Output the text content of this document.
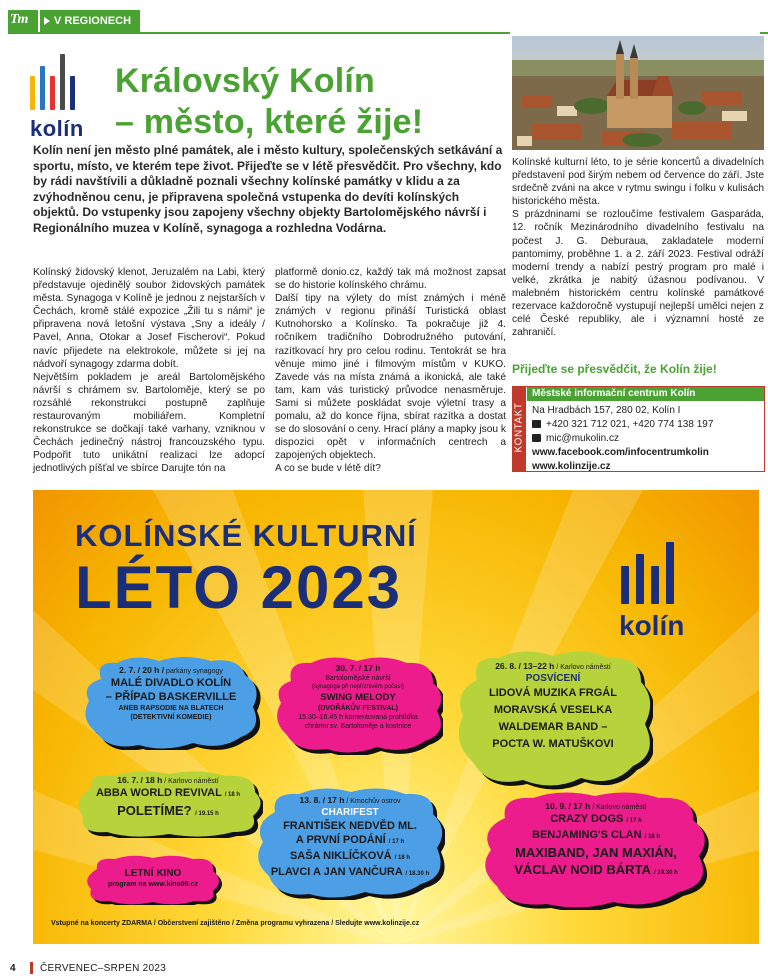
Tm	V REGIONECH
kolín
Královský Kolín
– město, které žije!
Kolín není jen město plné památek, ale i město kultury, společenských setkávání a sportu, místo, ve kterém tepe život. Přijeďte se v létě přesvědčit. Pro všechny, kdo by rádi navštívili a důkladně poznali všechny kolínské památky v klidu a za zvýhodněnou cenu, je připravena společná vstupenka do devíti kolínských objektů. Do vstupenky jsou zapojeny všechny objekty Bartolomějského návrší i Regionálního muzea v Kolíně, synagoga a rozhledna Vodárna.

Kolínský židovský klenot, Jeruzalém na Labi, který představuje ojedinělý soubor židovských památek města. Synagoga v Kolíně je jednou z nejstarších v Čechách, kromě stálé expozice „Žili tu s námi“ je připravena nová letošní výstava „Sny a ideály / Pavel, Anna, Otokar a Josef Fischerovi“. Pokud navíc přijedete na elektrokole, můžete si jej na nádvoří synagogy zdarma dobít.

Největším pokladem je areál Bartolomějského návrší s chrámem sv. Bartoloměje, který se po rozsáhlé rekonstrukci postupně zaplňuje restaurovaným mobiliářem. Kompletní rekonstrukce se dočkají také varhany, vzniknou v Čechách jedinečný nástroj francouzského typu. Podpořit tuto unikátní realizaci lze adopcí jednotlivých píšťal ve sbírce Darujte tón na

platformě donio.cz, každý tak má možnost zapsat se do historie kolínského chrámu.

Další tipy na výlety do míst známých i méně známých v regionu přináší Turistická oblast Kutnohorsko a Kolínsko. Ta pokračuje již 4. ročníkem tradičního Dobrodružného putování, razítkovací hry pro celou rodinu. Tentokrát se hra věnuje mimo jiné i filmovým místům v KUKO. Zavede vás na místa známá a ikonická, ale také tam, kam vás turistický průvodce nenasměruje. Sami si můžete poskládat svoje výletní trasy a pomalu, až do konce října, sbírat razítka a dostat se do slosování o ceny. Hrací plány a mapky jsou k dispozici opět v informačních centrech a zapojených objektech.

A co se bude v létě dít?

Kolínské kulturní léto, to je série koncertů a divadelních představení pod širým nebem od července do září. Jste srdečně zváni na akce v rytmu swingu i folku v kulisách historického města.

S prázdninami se rozloučíme festivalem Gasparáda, 12. ročník Mezinárodního divadelního festivalu na počest J. G. Deburaua, zakladatele moderní pantomimy, proběhne 1. a 2. září 2023. Festival odráží moderní trendy a nabízí pestrý program pro malé i velké, zkrátka je nabitý úžasnou podívanou. V malebném historickém centru kolínské památkové rezervace každoročně vystupují nejlepší umělci nejen z celé České republiky, ale i významní hosté ze zahraničí.

Přijeďte se přesvědčit, že Kolín žije!
KONTAKT
Městské informační centrum Kolín
Na Hradbách 157, 280 02, Kolín I
+420 321 712 021, +420 774 138 197
mic@mukolin.cz
www.facebook.com/infocentrumkolin
www.kolinzije.cz
KOLÍNSKÉ KULTURNÍ
LÉTO 2023
kolín
2. 7. / 20 h / parkány synagogy
MALÉ DIVADLO KOLÍN
– PŘÍPAD BASKERVILLE
ANEB RAPSODIE NA BLATECH
(DETEKTIVNÍ KOMEDIE)
30. 7. / 17 h
Bartolomějské návrší
(synagoga při nepříznivém počasí)
SWING MELODY
(DVOŘÁKŮV FESTIVAL)
15.30–16.45 h komentovaná prohlídka
chrámu sv. Bartoloměje a kostnice
26. 8. / 13–22 h / Karlovo náměstí
POSVÍCENÍ
LIDOVÁ MUZIKA FRGÁL
MORAVSKÁ VESELKA
WALDEMAR BAND –
POCTA W. MATUŠKOVI
16. 7. / 18 h / Karlovo náměstí
ABBA WORLD REVIVAL / 18 h
POLETÍME? / 19.15 h
13. 8. / 17 h / Kmochův ostrov
CHARIFEST
FRANTIŠEK NEDVĚD ML.
A PRVNÍ PODÁNÍ / 17 h
SAŠA NIKLÍČKOVÁ / 18 h
PLAVCI A JAN VANČURA / 18.30 h
10. 9. / 17 h / Karlovo náměstí
CRAZY DOGS / 17 h
BENJAMING'S CLAN / 18 h
MAXIBAND, JAN MAXIÁN,
VÁCLAV NOID BÁRTA / 19.30 h
LETNÍ KINO
program na www.kino99.cz
Vstupné na koncerty ZDARMA / Občerstvení zajištěno / Změna programu vyhrazena / Sledujte www.kolinzije.cz
4 ČERVENEC–SRPEN 2023
